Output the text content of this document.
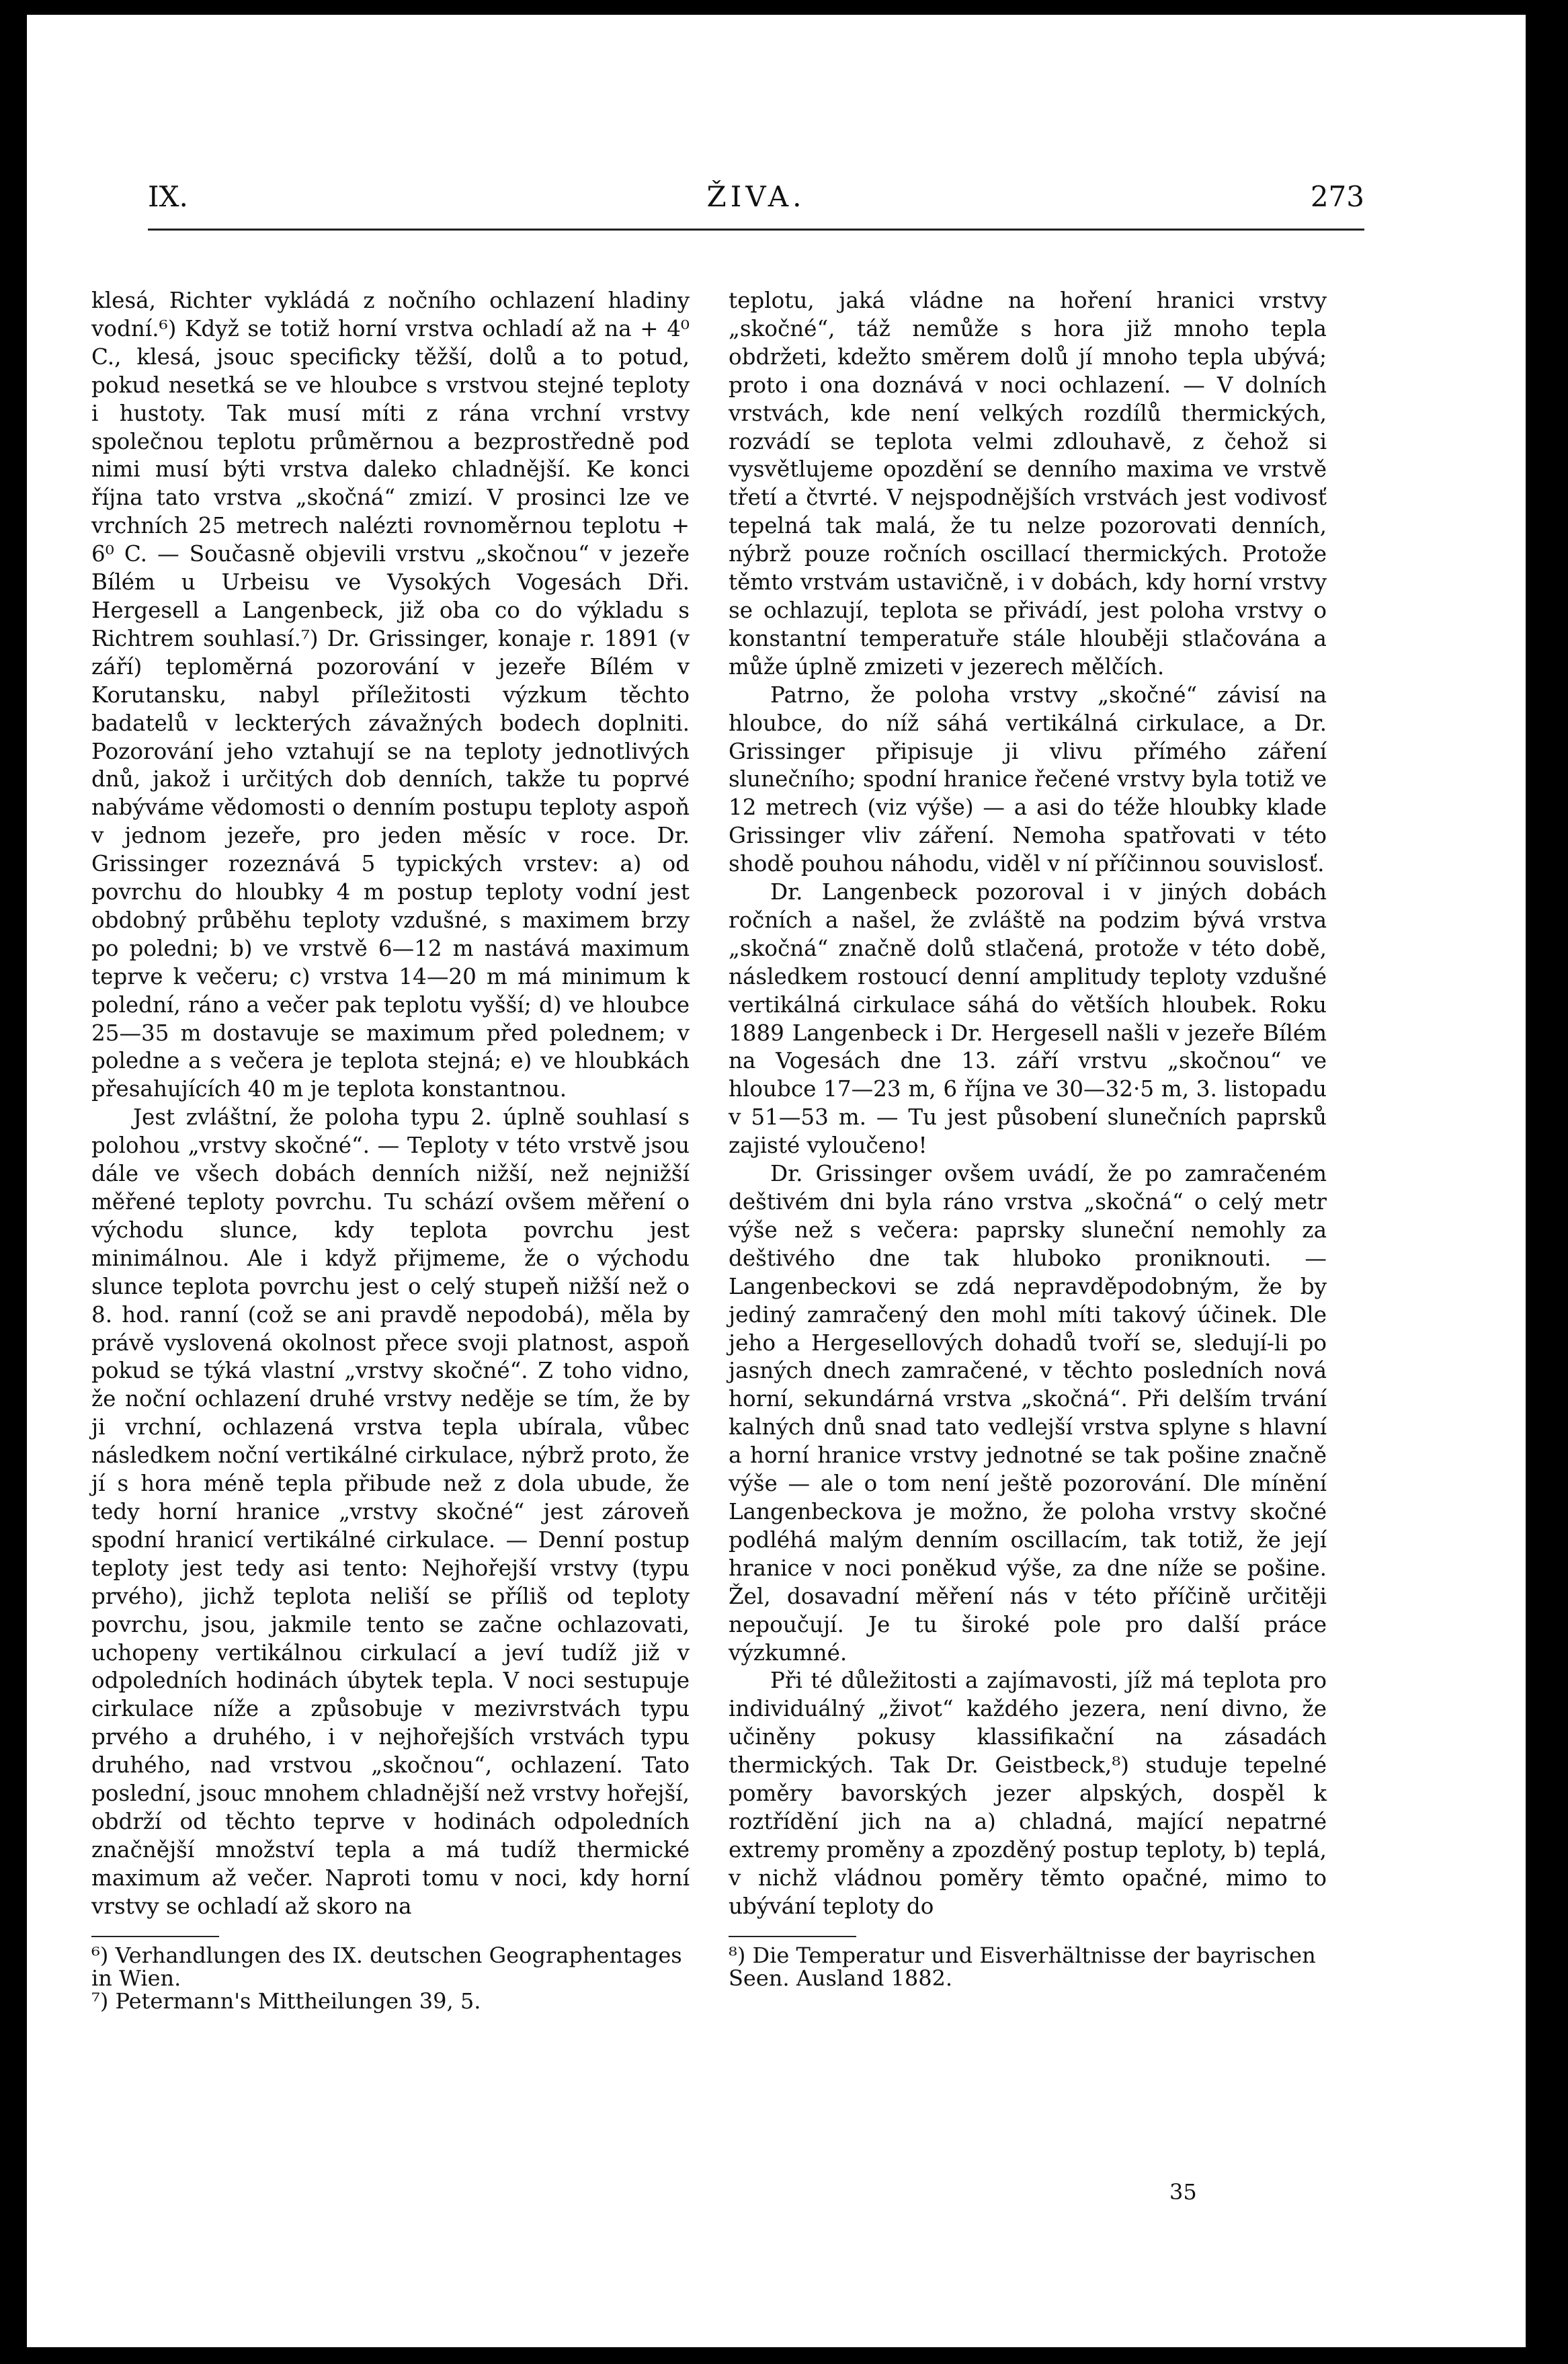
IX.	ŽIVA.	273

klesá, Richter vykládá z nočního ochlazení hladiny vodní.⁶) Když se totiž horní vrstva ochladí až na + 4⁰ C., klesá, jsouc specificky těžší, dolů a to potud, pokud nesetká se ve hloubce s vrstvou stejné teploty i hustoty. Tak musí míti z rána vrchní vrstvy společnou teplotu průměrnou a bezprostředně pod nimi musí býti vrstva daleko chladnější. Ke konci října tato vrstva „skočná“ zmizí. V prosinci lze ve vrchních 25 metrech nalézti rovnoměrnou teplotu + 6⁰ C. — Současně objevili vrstvu „skočnou“ v jezeře Bílém u Urbeisu ve Vysokých Vogesách Dři. Hergesell a Langenbeck, již oba co do výkladu s Richtrem souhlasí.⁷) Dr. Grissinger, konaje r. 1891 (v září) teploměrná pozorování v jezeře Bílém v Korutansku, nabyl příležitosti výzkum těchto badatelů v leckterých závažných bodech doplniti. Pozorování jeho vztahují se na teploty jednotlivých dnů, jakož i určitých dob denních, takže tu poprvé nabýváme vědomosti o denním postupu teploty aspoň v jednom jezeře, pro jeden měsíc v roce. Dr. Grissinger rozeznává 5 typických vrstev: a) od povrchu do hloubky 4 m postup teploty vodní jest obdobný průběhu teploty vzdušné, s maximem brzy po poledni; b) ve vrstvě 6—12 m nastává maximum teprve k večeru; c) vrstva 14—20 m má minimum k polední, ráno a večer pak teplotu vyšší; d) ve hloubce 25—35 m dostavuje se maximum před polednem; v poledne a s večera je teplota stejná; e) ve hloubkách přesahujících 40 m je teplota konstantnou.

Jest zvláštní, že poloha typu 2. úplně souhlasí s polohou „vrstvy skočné“. — Teploty v této vrstvě jsou dále ve všech dobách denních nižší, než nejnižší měřené teploty povrchu. Tu schází ovšem měření o východu slunce, kdy teplota povrchu jest minimálnou. Ale i když přijmeme, že o východu slunce teplota povrchu jest o celý stupeň nižší než o 8. hod. ranní (což se ani pravdě nepodobá), měla by právě vyslovená okolnost přece svoji platnost, aspoň pokud se týká vlastní „vrstvy skočné“. Z toho vidno, že noční ochlazení druhé vrstvy neděje se tím, že by ji vrchní, ochlazená vrstva tepla ubírala, vůbec následkem noční vertikálné cirkulace, nýbrž proto, že jí s hora méně tepla přibude než z dola ubude, že tedy horní hranice „vrstvy skočné“ jest zároveň spodní hranicí vertikálné cirkulace. — Denní postup teploty jest tedy asi tento: Nejhořejší vrstvy (typu prvého), jichž teplota neliší se příliš od teploty povrchu, jsou, jakmile tento se začne ochlazovati, uchopeny vertikálnou cirkulací a jeví tudíž již v odpoledních hodinách úbytek tepla. V noci sestupuje cirkulace níže a způsobuje v mezivrstvách typu prvého a druhého, i v nejhořejších vrstvách typu druhého, nad vrstvou „skočnou“, ochlazení. Tato poslední, jsouc mnohem chladnější než vrstvy hořejší, obdrží od těchto teprve v hodinách odpoledních značnější množství tepla a má tudíž thermické maximum až večer. Naproti tomu v noci, kdy horní vrstvy se ochladí až skoro na

⁶) Verhandlungen des IX. deutschen Geographentages in Wien.
⁷) Petermann's Mittheilungen 39, 5.

teplotu, jaká vládne na hoření hranici vrstvy „skočné“, táž nemůže s hora již mnoho tepla obdržeti, kdežto směrem dolů jí mnoho tepla ubývá; proto i ona doznává v noci ochlazení. — V dolních vrstvách, kde není velkých rozdílů thermických, rozvádí se teplota velmi zdlouhavě, z čehož si vysvětlujeme opozdění se denního maxima ve vrstvě třetí a čtvrté. V nejspodnějších vrstvách jest vodivosť tepelná tak malá, že tu nelze pozorovati denních, nýbrž pouze ročních oscillací thermických. Protože těmto vrstvám ustavičně, i v dobách, kdy horní vrstvy se ochlazují, teplota se přivádí, jest poloha vrstvy o konstantní temperatuře stále hlouběji stlačována a může úplně zmizeti v jezerech mělčích.

Patrno, že poloha vrstvy „skočné“ závisí na hloubce, do níž sáhá vertikálná cirkulace, a Dr. Grissinger připisuje ji vlivu přímého záření slunečního; spodní hranice řečené vrstvy byla totiž ve 12 metrech (viz výše) — a asi do téže hloubky klade Grissinger vliv záření. Nemoha spatřovati v této shodě pouhou náhodu, viděl v ní příčinnou souvislosť.

Dr. Langenbeck pozoroval i v jiných dobách ročních a našel, že zvláště na podzim bývá vrstva „skočná“ značně dolů stlačená, protože v této době, následkem rostoucí denní amplitudy teploty vzdušné vertikálná cirkulace sáhá do větších hloubek. Roku 1889 Langenbeck i Dr. Hergesell našli v jezeře Bílém na Vogesách dne 13. září vrstvu „skočnou“ ve hloubce 17—23 m, 6 října ve 30—32·5 m, 3. listopadu v 51—53 m. — Tu jest působení slunečních paprsků zajisté vyloučeno!

Dr. Grissinger ovšem uvádí, že po zamračeném deštivém dni byla ráno vrstva „skočná“ o celý metr výše než s večera: paprsky sluneční nemohly za deštivého dne tak hluboko proniknouti. — Langenbeckovi se zdá nepravděpodobným, že by jediný zamračený den mohl míti takový účinek. Dle jeho a Hergesellových dohadů tvoří se, sledují-li po jasných dnech zamračené, v těchto posledních nová horní, sekundárná vrstva „skočná“. Při delším trvání kalných dnů snad tato vedlejší vrstva splyne s hlavní a horní hranice vrstvy jednotné se tak pošine značně výše — ale o tom není ještě pozorování. Dle mínění Langenbeckova je možno, že poloha vrstvy skočné podléhá malým denním oscillacím, tak totiž, že její hranice v noci poněkud výše, za dne níže se pošine. Žel, dosavadní měření nás v této příčině určitěji nepoučují. Je tu široké pole pro další práce výzkumné.

Při té důležitosti a zajímavosti, jíž má teplota pro individuálný „život“ každého jezera, není divno, že učiněny pokusy klassifikační na zásadách thermických. Tak Dr. Geistbeck,⁸) studuje tepelné poměry bavorských jezer alpských, dospěl k roztřídění jich na a) chladná, mající nepatrné extremy proměny a zpozděný postup teploty, b) teplá, v nichž vládnou poměry těmto opačné, mimo to ubývání teploty do

⁸) Die Temperatur und Eisverhältnisse der bayrischen Seen. Ausland 1882.
35
